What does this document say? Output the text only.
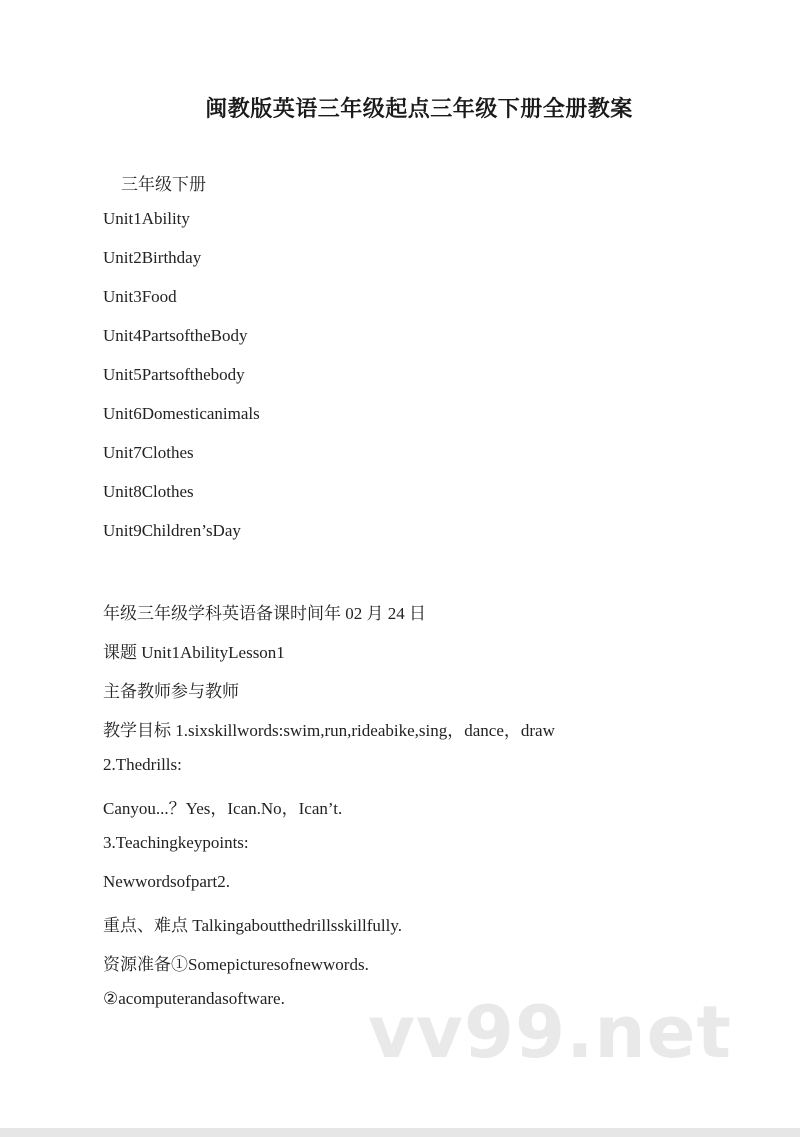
闽教版英语三年级起点三年级下册全册教案
三年级下册
Unit1Ability
Unit2Birthday
Unit3Food
Unit4PartsoftheBody
Unit5Partsofthebody
Unit6Domesticanimals
Unit7Clothes
Unit8Clothes
Unit9Children’sDay
年级三年级学科英语备课时间年 02 月 24 日
课题 Unit1AbilityLesson1
主备教师参与教师
教学目标 1.sixskillwords:swim,run,rideabike,sing，dance，draw
2.Thedrills:
Canyou...？Yes，Ican.No，Ican’t.
3.Teachingkeypoints:
Newwordsofpart2.
重点、难点 Talkingaboutthedrillsskillfully.
资源准备①Somepicturesofnewwords.
②acomputerandasoftware. vv99.net
